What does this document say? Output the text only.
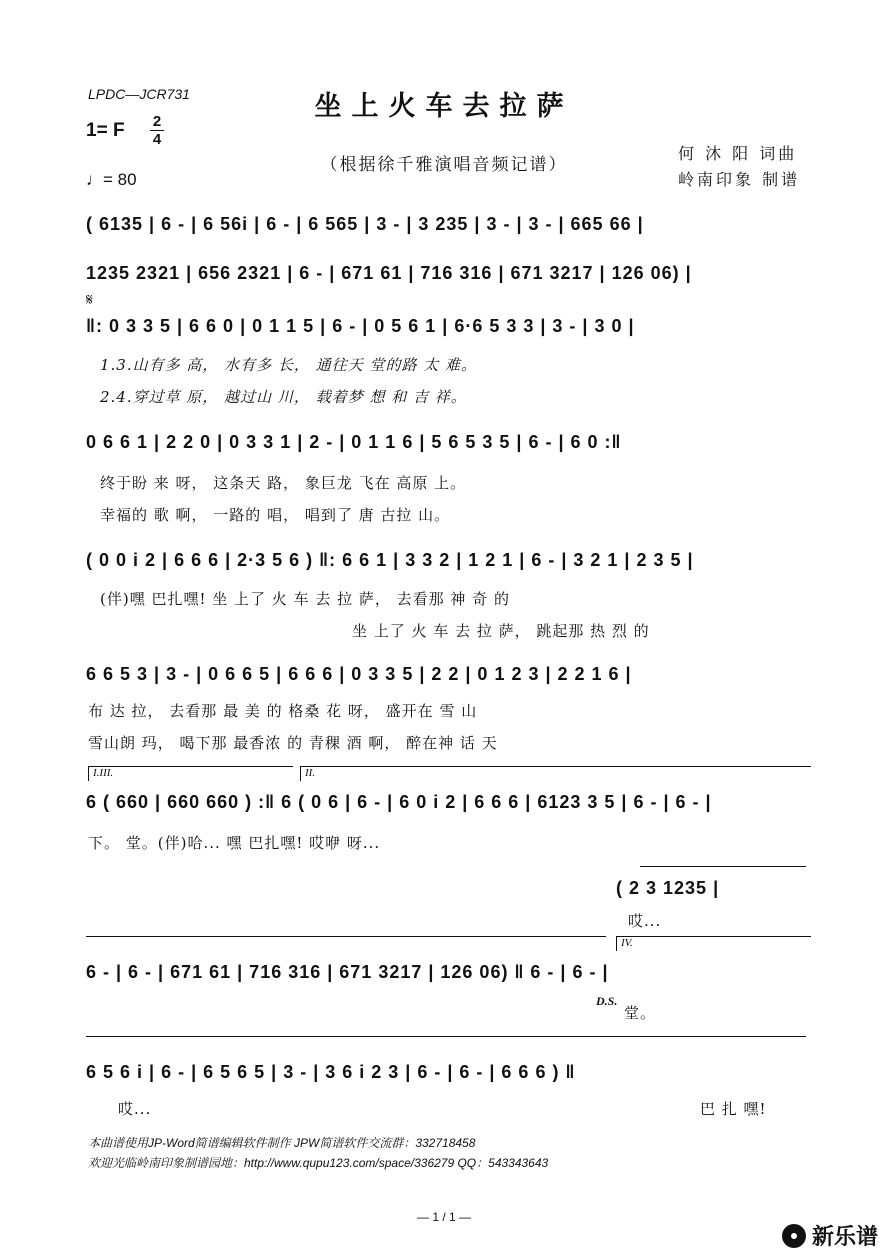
LPDC—JCR731	坐上火车去拉萨
1= F 2
4
♩= 80
（根据徐千雅演唱音频记谱）
何 沐 阳 词曲
岭南印象 制谱
( 6135 | 6 - | 6 56i | 6 - | 6 565 | 3 - | 3 235 | 3 - | 3 - | 665 66 |
1235 2321 | 656 2321 | 6 - | 671 61 | 716 316 | 671 3217 | 126 06) |
𝄋
‖: 0 3 3 5 | 6 6 0 | 0 1 1 5 | 6 - | 0 5 6 1 | 6·6 5 3 3 | 3 - | 3 0 |
1.3.山有多 高， 水有多 长， 通往天 堂的路 太 难。
2.4.穿过草 原， 越过山 川， 载着梦 想 和 吉 祥。
0 6 6 1 | 2 2 0 | 0 3 3 1 | 2 - | 0 1 1 6 | 5 6 5 3 5 | 6 - | 6 0 :‖
终于盼 来 呀， 这条天 路， 象巨龙 飞在 高原 上。
幸福的 歌 啊， 一路的 唱， 唱到了 唐 古拉 山。
( 0 0 i 2 | 6 6 6 | 2·3 5 6 ) ‖: 6 6 1 | 3 3 2 | 1 2 1 | 6 - | 3 2 1 | 2 3 5 |
(伴)嘿 巴扎嘿! 坐 上了 火 车 去 拉 萨， 去看那 神 奇 的
坐 上了 火 车 去 拉 萨， 跳起那 热 烈 的
6 6 5 3 | 3 - | 0 6 6 5 | 6 6 6 | 0 3 3 5 | 2 2 | 0 1 2 3 | 2 2 1 6 |
布 达 拉， 去看那 最 美 的 格桑 花 呀， 盛开在 雪 山
雪山朗 玛， 喝下那 最香浓 的 青稞 酒 啊， 醉在神 话 天
I.III.	II.
6 ( 660 | 660 660 ) :‖ 6 ( 0 6 | 6 - | 6 0 i 2 | 6 6 6 | 6123 3 5 | 6 - | 6 - |
下。 堂。(伴)哈... 嘿 巴扎嘿! 哎咿 呀...
( 2 3 1235 |
哎...
IV.
6 - | 6 - | 671 61 | 716 316 | 671 3217 | 126 06) ‖ 6 - | 6 - |
D.S.
堂。
6 5 6 i | 6 - | 6 5 6 5 | 3 - | 3 6 i 2 3 | 6 - | 6 - | 6 6 6 ) ‖
哎...	巴 扎 嘿!
本曲谱使用JP-Word简谱编辑软件制作 JPW简谱软件交流群：332718458
欢迎光临岭南印象制谱园地：http://www.qupu123.com/space/336279 QQ：543343643
— 1 / 1 —
新乐谱
